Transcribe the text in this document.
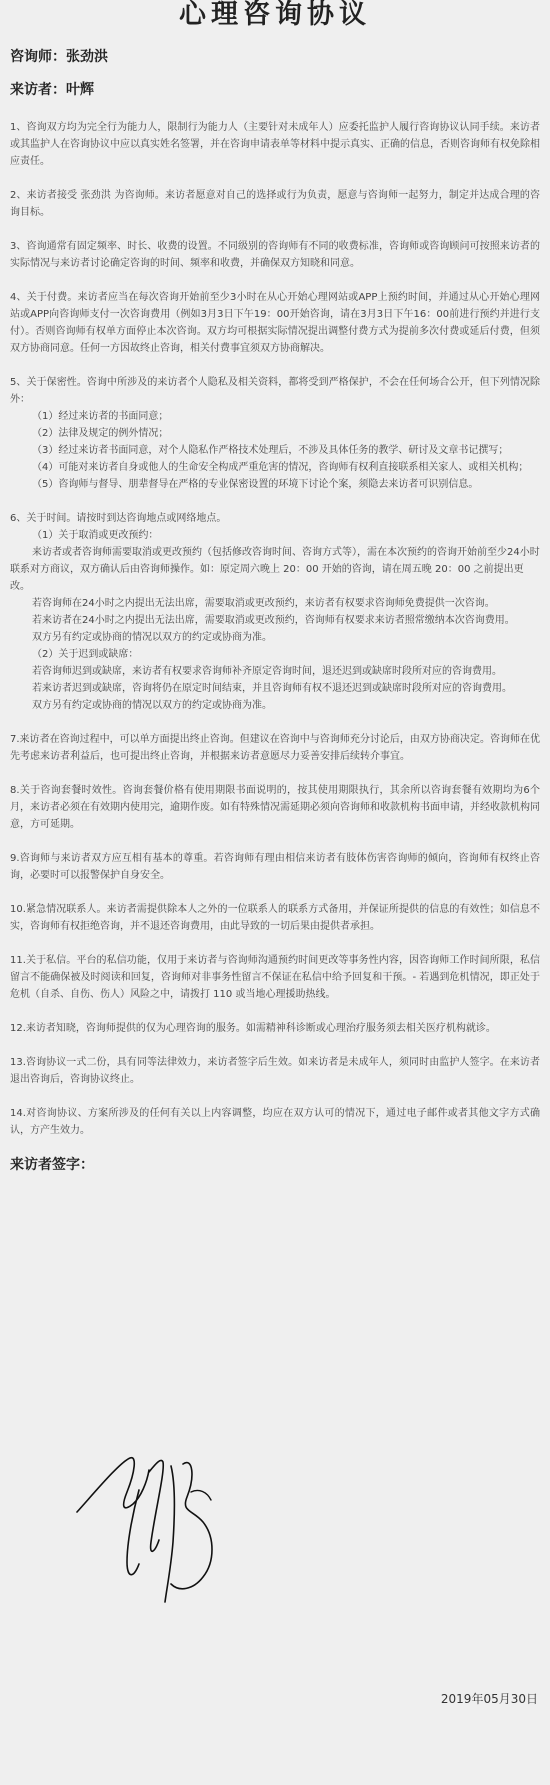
心理咨询协议

咨询师：张劲洪

来访者：叶辉

1、咨询双方均为完全行为能力人，限制行为能力人（主要针对未成年人）应委托监护人履行咨询协议认同手续。来访者或其监护人在咨询协议中应以真实姓名签署，并在咨询申请表单等材料中提示真实、正确的信息，否则咨询师有权免除相应责任。

2、来访者接受 张劲洪 为咨询师。来访者愿意对自己的选择或行为负责，愿意与咨询师一起努力，制定并达成合理的咨询目标。

3、咨询通常有固定频率、时长、收费的设置。不同级别的咨询师有不同的收费标准，咨询师或咨询顾问可按照来访者的实际情况与来访者讨论确定咨询的时间、频率和收费，并确保双方知晓和同意。

4、关于付费。来访者应当在每次咨询开始前至少3小时在从心开始心理网站或APP上预约时间，并通过从心开始心理网站或APP向咨询师支付一次咨询费用（例如3月3日下午19：00开始咨询，请在3月3日下午16：00前进行预约并进行支付）。否则咨询师有权单方面停止本次咨询。双方均可根据实际情况提出调整付费方式为提前多次付费或延后付费，但须双方协商同意。任何一方因故终止咨询，相关付费事宜须双方协商解决。

5、关于保密性。咨询中所涉及的来访者个人隐私及相关资料，都将受到严格保护，不会在任何场合公开，但下列情况除外：

（1）经过来访者的书面同意；

（2）法律及规定的例外情况；

（3）经过来访者书面同意，对个人隐私作严格技术处理后，不涉及具体任务的教学、研讨及文章书记撰写；

（4）可能对来访者自身或他人的生命安全构成严重危害的情况，咨询师有权利直接联系相关家人、或相关机构；

（5）咨询师与督导、朋辈督导在严格的专业保密设置的环境下讨论个案，须隐去来访者可识别信息。

6、关于时间。请按时到达咨询地点或网络地点。

（1）关于取消或更改预约：

来访者或者咨询师需要取消或更改预约（包括修改咨询时间、咨询方式等），需在本次预约的咨询开始前至少24小时联系对方商议，双方确认后由咨询师操作。如：原定周六晚上 20：00 开始的咨询，请在周五晚 20：00 之前提出更改。

若咨询师在24小时之内提出无法出席，需要取消或更改预约，来访者有权要求咨询师免费提供一次咨询。

若来访者在24小时之内提出无法出席，需要取消或更改预约，咨询师有权要求来访者照常缴纳本次咨询费用。

双方另有约定或协商的情况以双方的约定或协商为准。

（2）关于迟到或缺席：

若咨询师迟到或缺席，来访者有权要求咨询师补齐原定咨询时间，退还迟到或缺席时段所对应的咨询费用。

若来访者迟到或缺席，咨询将仍在原定时间结束，并且咨询师有权不退还迟到或缺席时段所对应的咨询费用。

双方另有约定或协商的情况以双方的约定或协商为准。

7.来访者在咨询过程中，可以单方面提出终止咨询。但建议在咨询中与咨询师充分讨论后，由双方协商决定。咨询师在优先考虑来访者利益后，也可提出终止咨询，并根据来访者意愿尽力妥善安排后续转介事宜。

8.关于咨询套餐时效性。咨询套餐价格有使用期限书面说明的，按其使用期限执行，其余所以咨询套餐有效期均为6个月，来访者必须在有效期内使用完，逾期作废。如有特殊情况需延期必须向咨询师和收款机构书面申请，并经收款机构同意，方可延期。

9.咨询师与来访者双方应互相有基本的尊重。若咨询师有理由相信来访者有肢体伤害咨询师的倾向，咨询师有权终止咨询，必要时可以报警保护自身安全。

10.紧急情况联系人。来访者需提供除本人之外的一位联系人的联系方式备用，并保证所提供的信息的有效性；如信息不实，咨询师有权拒绝咨询，并不退还咨询费用，由此导致的一切后果由提供者承担。

11.关于私信。平台的私信功能，仅用于来访者与咨询师沟通预约时间更改等事务性内容，因咨询师工作时间所限，私信留言不能确保被及时阅读和回复，咨询师对非事务性留言不保证在私信中给予回复和干预。- 若遇到危机情况，即正处于危机（自杀、自伤、伤人）风险之中，请拨打 110 或当地心理援助热线。

12.来访者知晓，咨询师提供的仅为心理咨询的服务。如需精神科诊断或心理治疗服务须去相关医疗机构就诊。

13.咨询协议一式二份，具有同等法律效力，来访者签字后生效。如来访者是未成年人，须同时由监护人签字。在来访者退出咨询后，咨询协议终止。

14.对咨询协议、方案所涉及的任何有关以上内容调整，均应在双方认可的情况下，通过电子邮件或者其他文字方式确认，方产生效力。

来访者签字：

2019年05月30日
